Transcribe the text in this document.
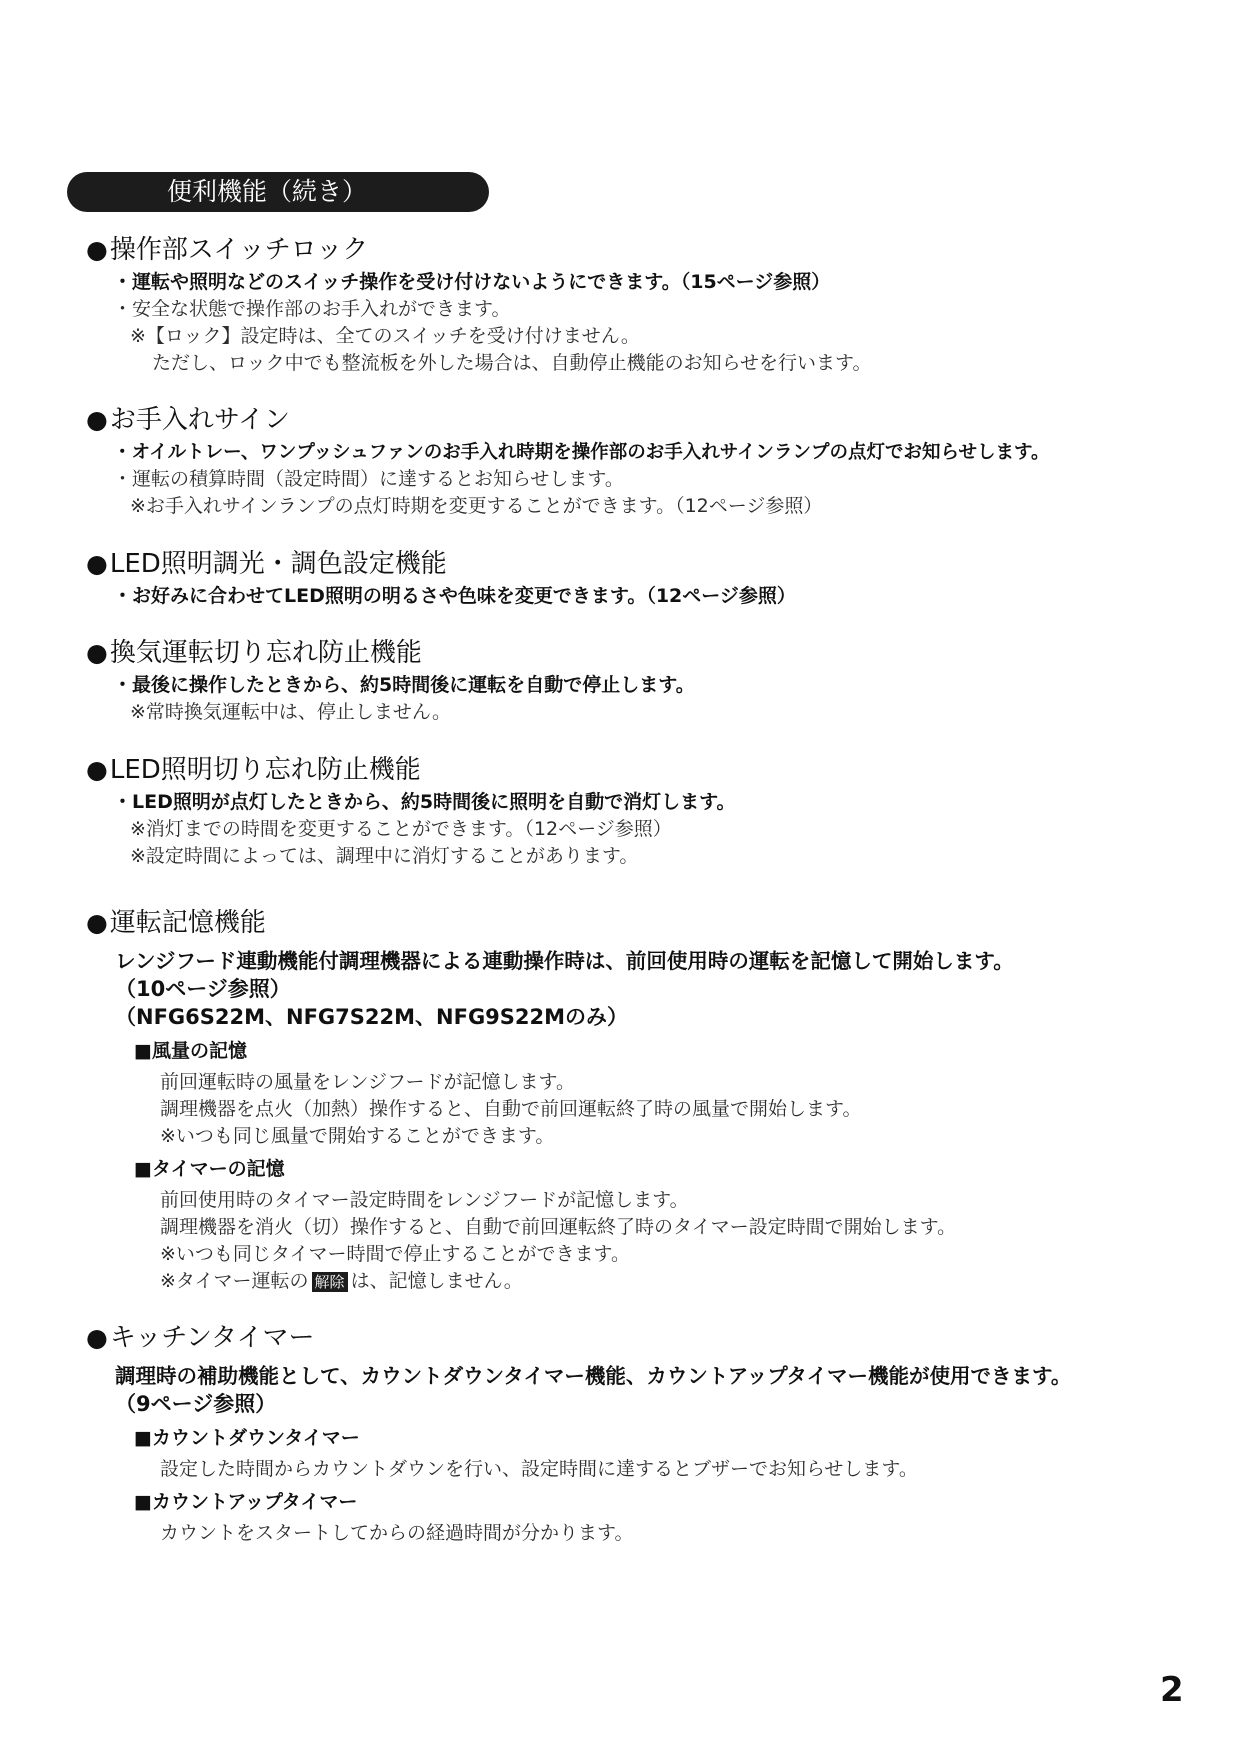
便利機能（続き）
●操作部スイッチロック
・運転や照明などのスイッチ操作を受け付けないようにできます。（15ページ参照）
・安全な状態で操作部のお手入れができます。
※【ロック】設定時は、全てのスイッチを受け付けません。
ただし、ロック中でも整流板を外した場合は、自動停止機能のお知らせを行います。
●お手入れサイン
・オイルトレー、ワンプッシュファンのお手入れ時期を操作部のお手入れサインランプの点灯でお知らせします。
・運転の積算時間（設定時間）に達するとお知らせします。
※お手入れサインランプの点灯時期を変更することができます。（12ページ参照）
●LED照明調光・調色設定機能
・お好みに合わせてLED照明の明るさや色味を変更できます。（12ページ参照）
●換気運転切り忘れ防止機能
・最後に操作したときから、約5時間後に運転を自動で停止します。
※常時換気運転中は、停止しません。
●LED照明切り忘れ防止機能
・LED照明が点灯したときから、約5時間後に照明を自動で消灯します。
※消灯までの時間を変更することができます。（12ページ参照）
※設定時間によっては、調理中に消灯することがあります。
●運転記憶機能
レンジフード連動機能付調理機器による連動操作時は、前回使用時の運転を記憶して開始します。
（10ページ参照）
（NFG6S22M、NFG7S22M、NFG9S22Mのみ）
■風量の記憶
前回運転時の風量をレンジフードが記憶します。
調理機器を点火（加熱）操作すると、自動で前回運転終了時の風量で開始します。
※いつも同じ風量で開始することができます。
■タイマーの記憶
前回使用時のタイマー設定時間をレンジフードが記憶します。
調理機器を消火（切）操作すると、自動で前回運転終了時のタイマー設定時間で開始します。
※いつも同じタイマー時間で停止することができます。
※タイマー運転の 解除 は、記憶しません。
●キッチンタイマー
調理時の補助機能として、カウントダウンタイマー機能、カウントアップタイマー機能が使用できます。
（9ページ参照）
■カウントダウンタイマー
設定した時間からカウントダウンを行い、設定時間に達するとブザーでお知らせします。
■カウントアップタイマー
カウントをスタートしてからの経過時間が分かります。
2
